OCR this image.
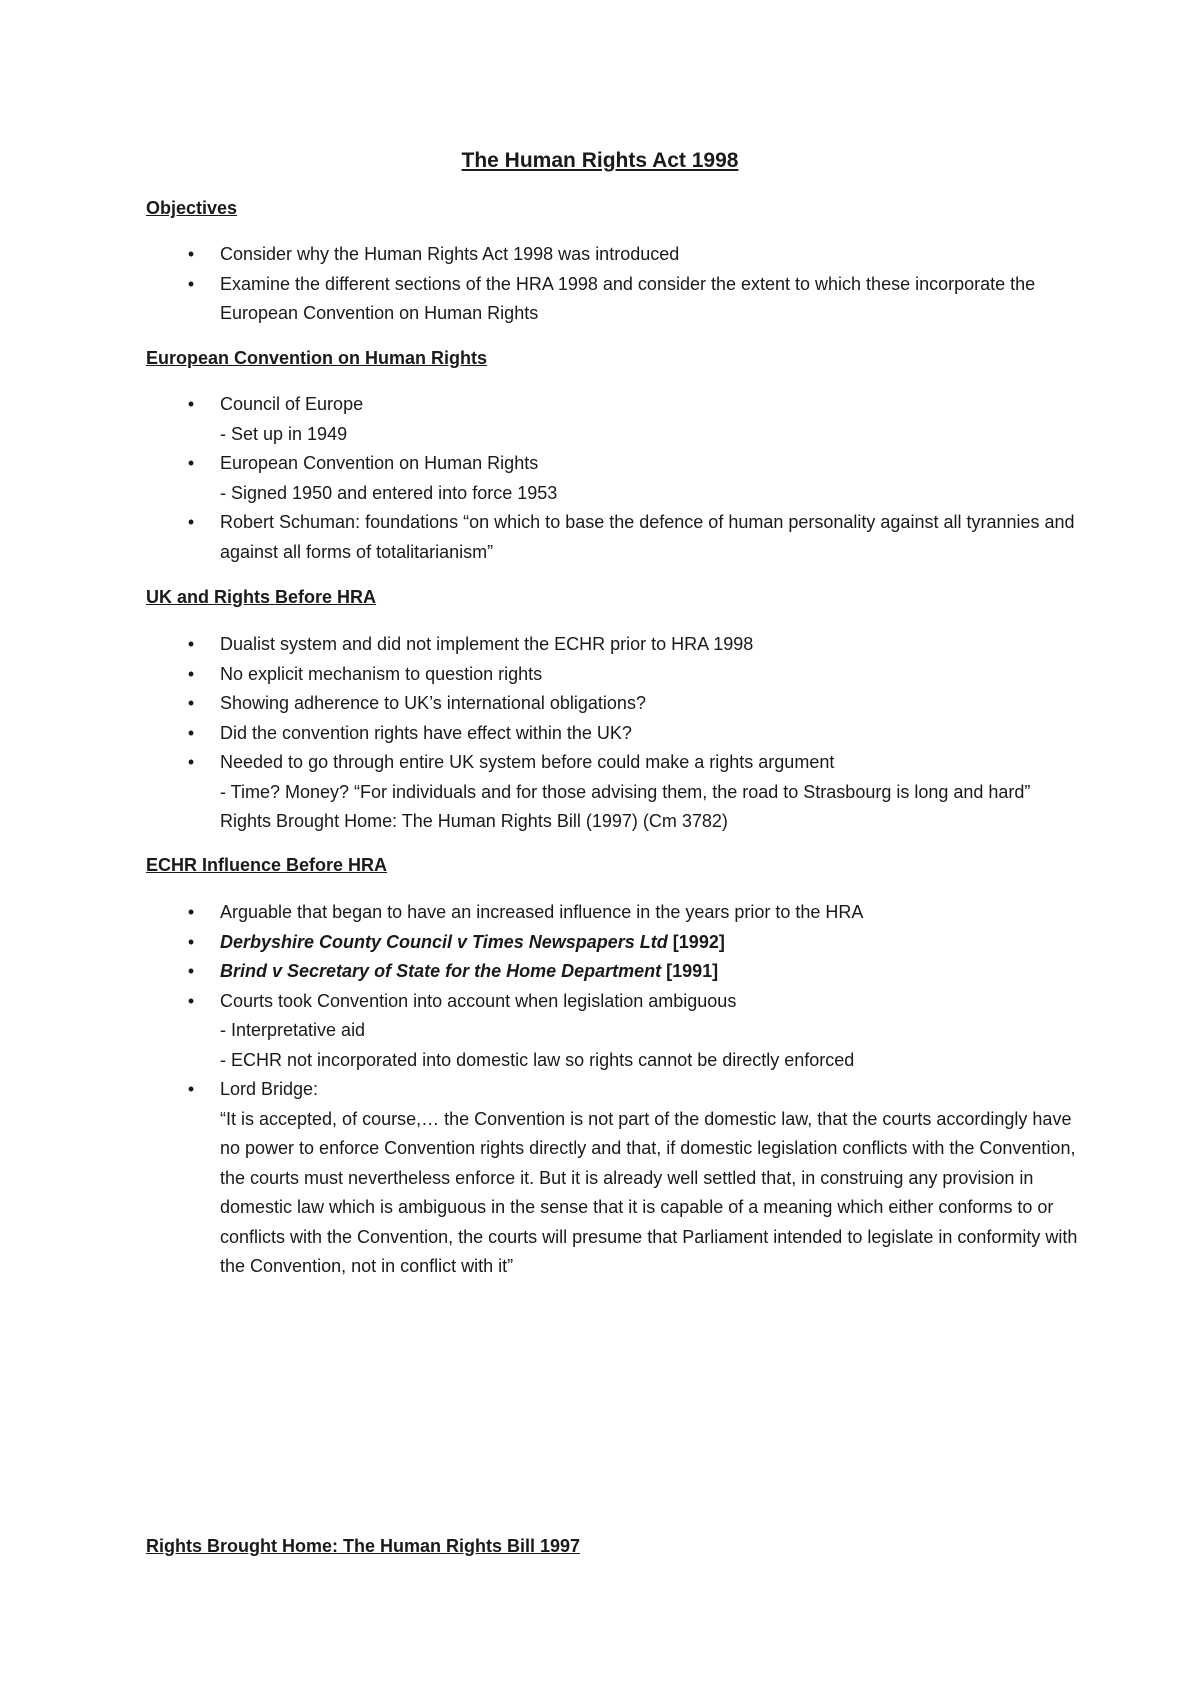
The Human Rights Act 1998
Objectives
• Consider why the Human Rights Act 1998 was introduced
• Examine the different sections of the HRA 1998 and consider the extent to which these incorporate the European Convention on Human Rights
European Convention on Human Rights
• Council of Europe
- Set up in 1949
• European Convention on Human Rights
- Signed 1950 and entered into force 1953
• Robert Schuman: foundations “on which to base the defence of human personality against all tyrannies and against all forms of totalitarianism”
UK and Rights Before HRA
• Dualist system and did not implement the ECHR prior to HRA 1998
• No explicit mechanism to question rights
• Showing adherence to UK’s international obligations?
• Did the convention rights have effect within the UK?
• Needed to go through entire UK system before could make a rights argument
- Time? Money? “For individuals and for those advising them, the road to Strasbourg is long and hard” Rights Brought Home: The Human Rights Bill (1997) (Cm 3782)
ECHR Influence Before HRA
• Arguable that began to have an increased influence in the years prior to the HRA
• Derbyshire County Council v Times Newspapers Ltd [1992]
• Brind v Secretary of State for the Home Department [1991]
• Courts took Convention into account when legislation ambiguous
- Interpretative aid
- ECHR not incorporated into domestic law so rights cannot be directly enforced
• Lord Bridge:
“It is accepted, of course,… the Convention is not part of the domestic law, that the courts accordingly have no power to enforce Convention rights directly and that, if domestic legislation conflicts with the Convention, the courts must nevertheless enforce it. But it is already well settled that, in construing any provision in domestic law which is ambiguous in the sense that it is capable of a meaning which either conforms to or conflicts with the Convention, the courts will presume that Parliament intended to legislate in conformity with the Convention, not in conflict with it”
Rights Brought Home: The Human Rights Bill 1997
